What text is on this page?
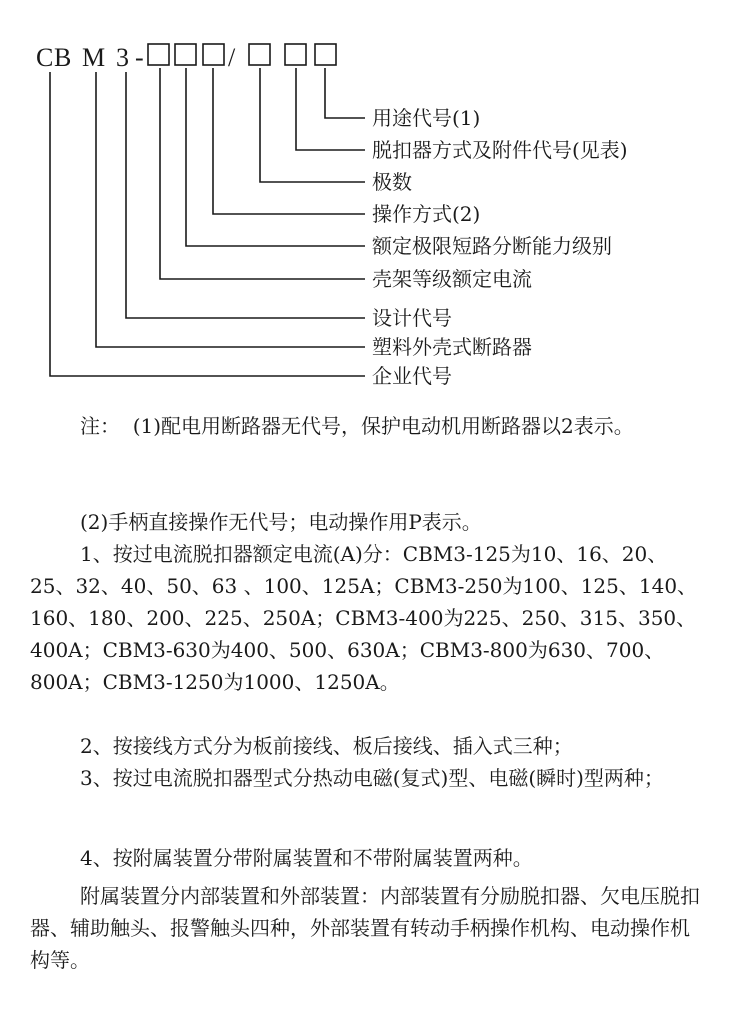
C B M 3 -	/
用途代号(1)
脱扣器方式及附件代号(见表)
极数
操作方式(2)
额定极限短路分断能力级别
壳架等级额定电流
设计代号
塑料外壳式断路器
企业代号

注： (1)配电用断路器无代号，保护电动机用断路器以2表示。

(2)手柄直接操作无代号；电动操作用P表示。

1、按过电流脱扣器额定电流(A)分：CBM3-125为10、16、20、25、32、40、50、63 、100、125A；CBM3-250为100、125、140、160、180、200、225、250A；CBM3-400为225、250、315、350、400A；CBM3-630为400、500、630A；CBM3-800为630、700、800A；CBM3-1250为1000、1250A。

2、按接线方式分为板前接线、板后接线、插入式三种；

3、按过电流脱扣器型式分热动电磁(复式)型、电磁(瞬时)型两种；

4、按附属装置分带附属装置和不带附属装置两种。

附属装置分内部装置和外部装置：内部装置有分励脱扣器、欠电压脱扣器、辅助触头、报警触头四种，外部装置有转动手柄操作机构、电动操作机构等。
